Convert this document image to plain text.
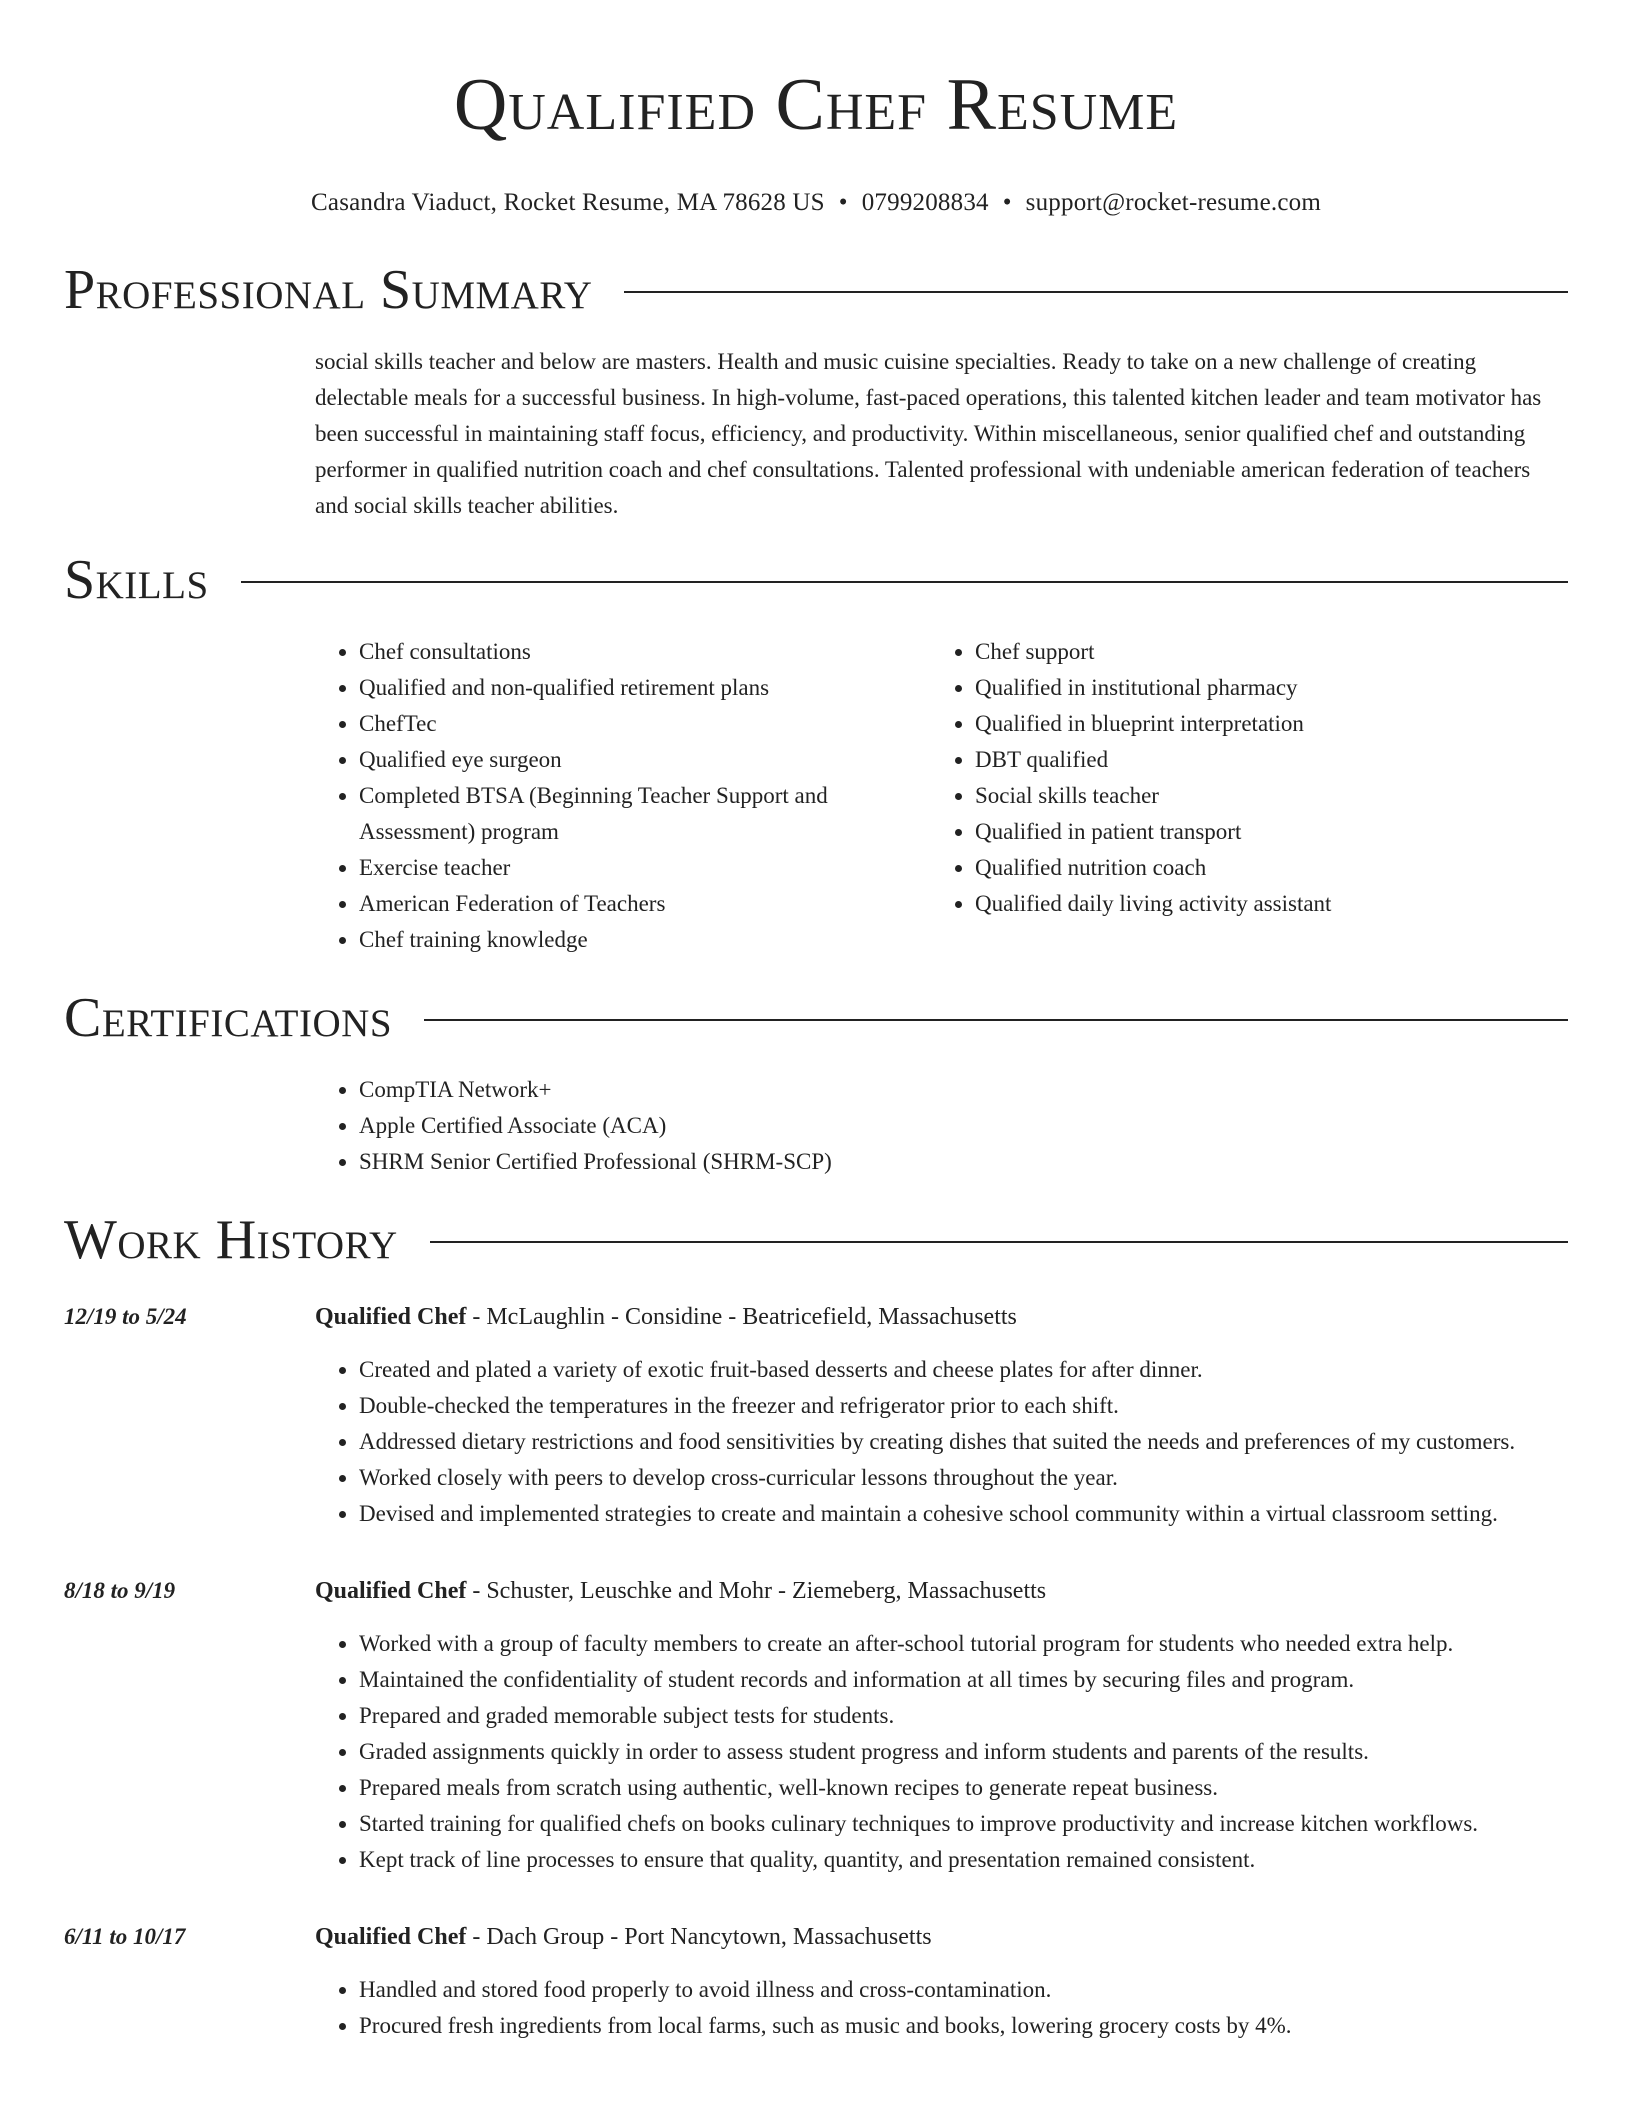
Qualified Chef Resume
Casandra Viaduct, Rocket Resume, MA 78628 US • 0799208834 • support@rocket-resume.com
Professional Summary
social skills teacher and below are masters. Health and music cuisine specialties. Ready to take on a new challenge of creating delectable meals for a successful business. In high-volume, fast-paced operations, this talented kitchen leader and team motivator has been successful in maintaining staff focus, efficiency, and productivity. Within miscellaneous, senior qualified chef and outstanding performer in qualified nutrition coach and chef consultations. Talented professional with undeniable american federation of teachers and social skills teacher abilities.
Skills
• Chef consultations
• Qualified and non-qualified retirement plans
• ChefTec
• Qualified eye surgeon
• Completed BTSA (Beginning Teacher Support and Assessment) program
• Exercise teacher
• American Federation of Teachers
• Chef training knowledge
• Chef support
• Qualified in institutional pharmacy
• Qualified in blueprint interpretation
• DBT qualified
• Social skills teacher
• Qualified in patient transport
• Qualified nutrition coach
• Qualified daily living activity assistant
Certifications
• CompTIA Network+
• Apple Certified Associate (ACA)
• SHRM Senior Certified Professional (SHRM-SCP)
Work History
12/19 to 5/24	Qualified Chef - McLaughlin - Considine - Beatricefield, Massachusetts
• Created and plated a variety of exotic fruit-based desserts and cheese plates for after dinner.
• Double-checked the temperatures in the freezer and refrigerator prior to each shift.
• Addressed dietary restrictions and food sensitivities by creating dishes that suited the needs and preferences of my customers.
• Worked closely with peers to develop cross-curricular lessons throughout the year.
• Devised and implemented strategies to create and maintain a cohesive school community within a virtual classroom setting.
8/18 to 9/19	Qualified Chef - Schuster, Leuschke and Mohr - Ziemeberg, Massachusetts
• Worked with a group of faculty members to create an after-school tutorial program for students who needed extra help.
• Maintained the confidentiality of student records and information at all times by securing files and program.
• Prepared and graded memorable subject tests for students.
• Graded assignments quickly in order to assess student progress and inform students and parents of the results.
• Prepared meals from scratch using authentic, well-known recipes to generate repeat business.
• Started training for qualified chefs on books culinary techniques to improve productivity and increase kitchen workflows.
• Kept track of line processes to ensure that quality, quantity, and presentation remained consistent.
6/11 to 10/17	Qualified Chef - Dach Group - Port Nancytown, Massachusetts
• Handled and stored food properly to avoid illness and cross-contamination.
• Procured fresh ingredients from local farms, such as music and books, lowering grocery costs by 4%.
